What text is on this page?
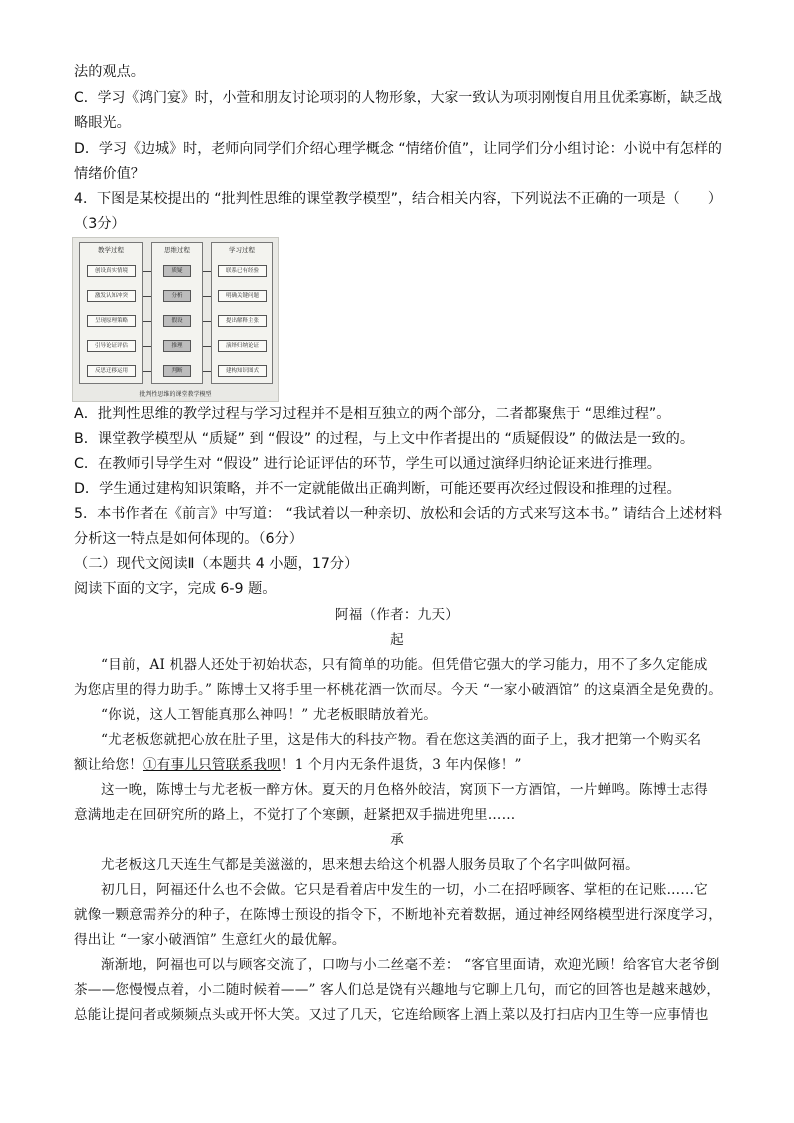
法的观点。
C．学习《鸿门宴》时，小萱和朋友讨论项羽的人物形象，大家一致认为项羽刚愎自用且优柔寡断，缺乏战
略眼光。
D．学习《边城》时，老师向同学们介绍心理学概念 “情绪价值”，让同学们分小组讨论：小说中有怎样的
情绪价值？
4．下图是某校提出的 “批判性思维的课堂教学模型”，结合相关内容，下列说法不正确的一项是（　　）
（3分）
教学过程
创设真实情境
激发认知冲突
呈现原理策略
引导论证评估
反思迁移运用
思维过程
质疑
分析
假设
推理
判断
学习过程
联系已有经验
明确关键问题
提出解释主张
演绎归纳论证
建构知识图式
批判性思维的课堂教学模型
A．批判性思维的教学过程与学习过程并不是相互独立的两个部分，二者都聚焦于 “思维过程”。
B．课堂教学模型从 “质疑” 到 “假设” 的过程，与上文中作者提出的 “质疑假设” 的做法是一致的。
C．在教师引导学生对 “假设” 进行论证评估的环节，学生可以通过演绎归纳论证来进行推理。
D．学生通过建构知识策略，并不一定就能做出正确判断，可能还要再次经过假设和推理的过程。
5．本书作者在《前言》中写道： “我试着以一种亲切、放松和会话的方式来写这本书。” 请结合上述材料
分析这一特点是如何体现的。（6分）
（二）现代文阅读Ⅱ（本题共 4 小题，17分）
阅读下面的文字，完成 6-9 题。
阿福（作者：九天）
起
“目前，AI 机器人还处于初始状态，只有简单的功能。但凭借它强大的学习能力，用不了多久定能成
为您店里的得力助手。” 陈博士又将手里一杯桃花酒一饮而尽。今天 “一家小破酒馆” 的这桌酒全是免费的。
“你说，这人工智能真那么神吗！” 尤老板眼睛放着光。
“尤老板您就把心放在肚子里，这是伟大的科技产物。看在您这美酒的面子上，我才把第一个购买名
额让给您！①有事儿只管联系我呗！1 个月内无条件退货，3 年内保修！”
这一晚，陈博士与尤老板一醉方休。夏天的月色格外皎洁，窝顶下一方酒馆，一片蝉鸣。陈博士志得
意满地走在回研究所的路上，不觉打了个寒颤，赶紧把双手揣进兜里……
承
尤老板这几天连生气都是美滋滋的，思来想去给这个机器人服务员取了个名字叫做阿福。
初几日，阿福还什么也不会做。它只是看着店中发生的一切，小二在招呼顾客、掌柜的在记账……它
就像一颗意需养分的种子，在陈博士预设的指令下，不断地补充着数据，通过神经网络模型进行深度学习，
得出让 “一家小破酒馆” 生意红火的最优解。
渐渐地，阿福也可以与顾客交流了，口吻与小二丝毫不差： “客官里面请，欢迎光顾！给客官大老爷倒
茶——您慢慢点着，小二随时候着——” 客人们总是饶有兴趣地与它聊上几句，而它的回答也是越来越妙，
总能让提问者或频频点头或开怀大笑。又过了几天，它连给顾客上酒上菜以及打扫店内卫生等一应事情也
